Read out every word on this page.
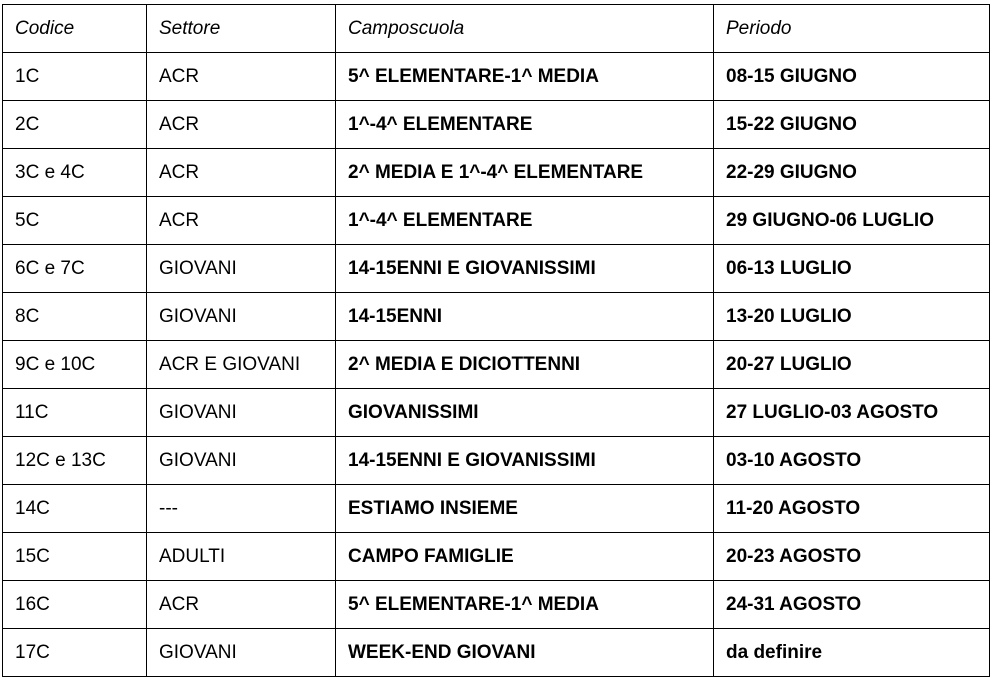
Codice	Settore	Camposcuola	Periodo
1C	ACR	5^ ELEMENTARE-1^ MEDIA	08-15 GIUGNO
2C	ACR	1^-4^ ELEMENTARE	15-22 GIUGNO
3C e 4C	ACR	2^ MEDIA E 1^-4^ ELEMENTARE	22-29 GIUGNO
5C	ACR	1^-4^ ELEMENTARE	29 GIUGNO-06 LUGLIO
6C e 7C	GIOVANI	14-15ENNI E GIOVANISSIMI	06-13 LUGLIO
8C	GIOVANI	14-15ENNI	13-20 LUGLIO
9C e 10C	ACR E GIOVANI	2^ MEDIA E DICIOTTENNI	20-27 LUGLIO
11C	GIOVANI	GIOVANISSIMI	27 LUGLIO-03 AGOSTO
12C e 13C	GIOVANI	14-15ENNI E GIOVANISSIMI	03-10 AGOSTO
14C	---	ESTIAMO INSIEME	11-20 AGOSTO
15C	ADULTI	CAMPO FAMIGLIE	20-23 AGOSTO
16C	ACR	5^ ELEMENTARE-1^ MEDIA	24-31 AGOSTO
17C	GIOVANI	WEEK-END GIOVANI	da definire
